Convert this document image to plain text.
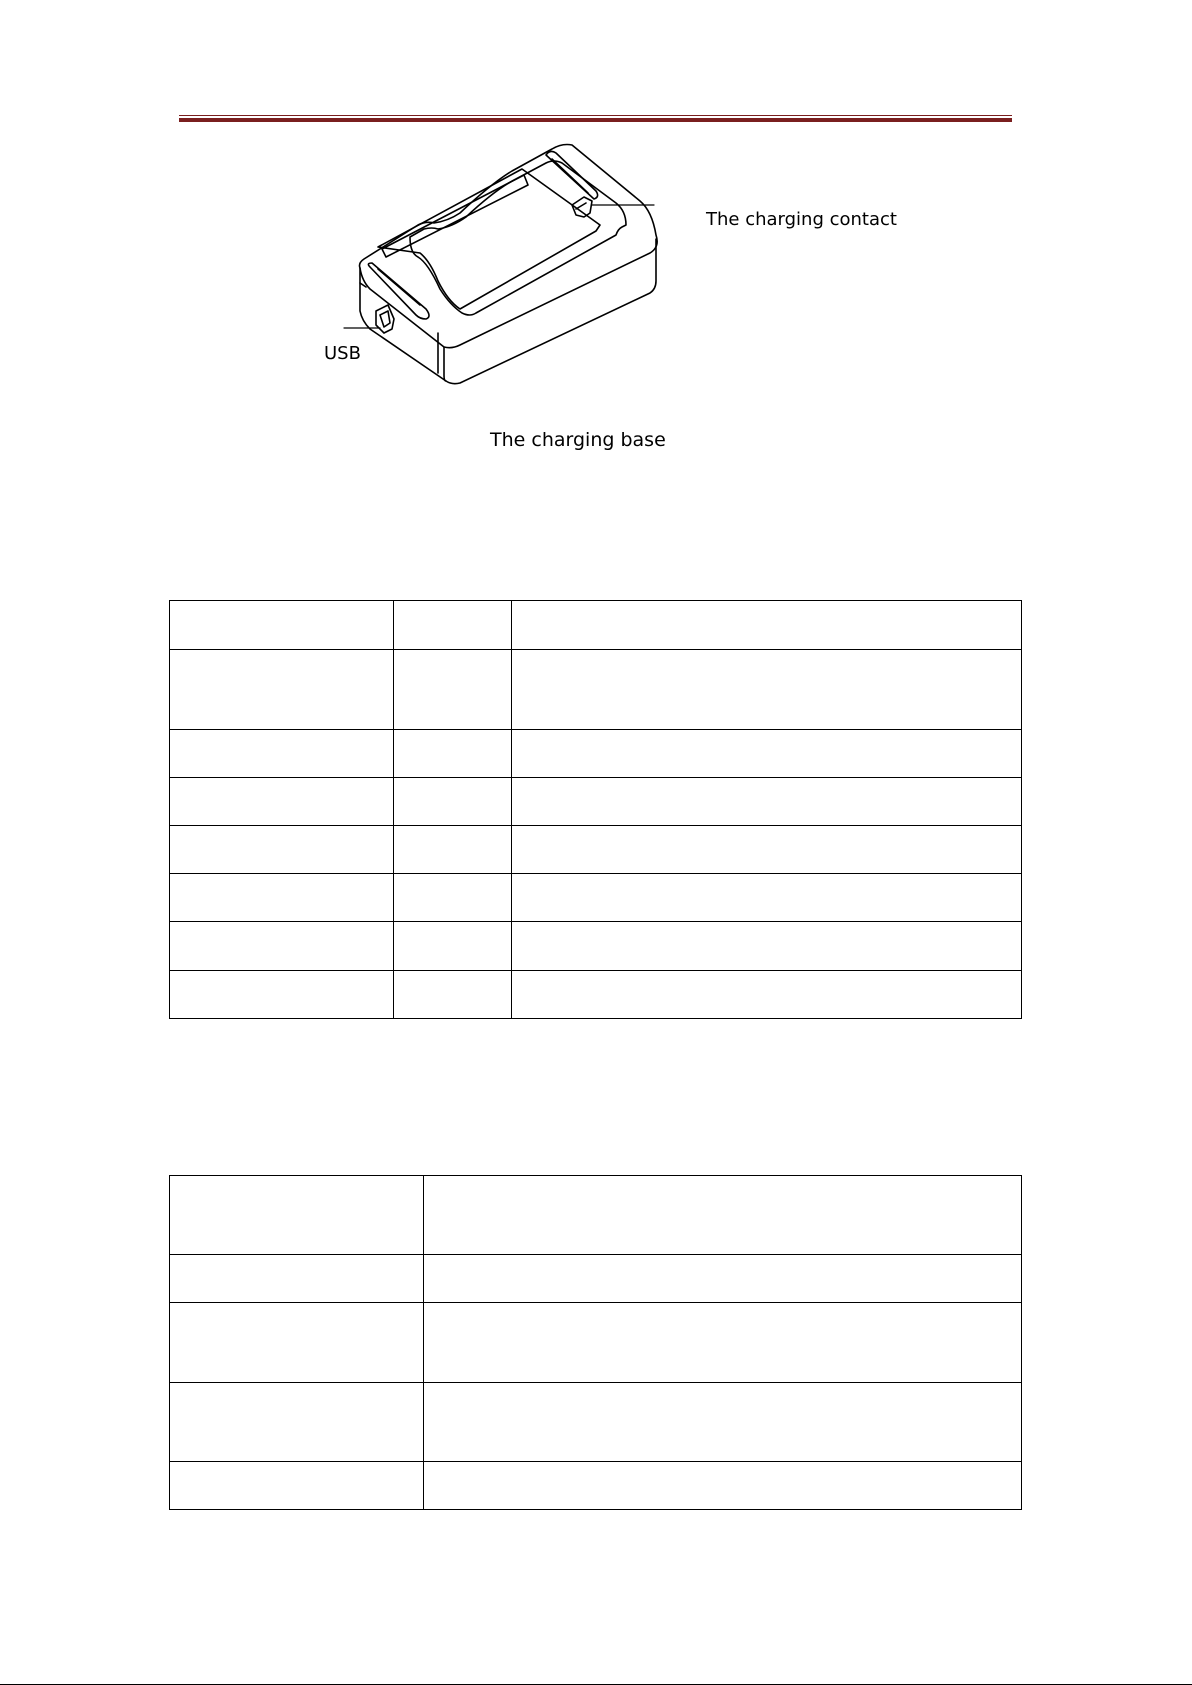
The charging contact
USB
The charging base
